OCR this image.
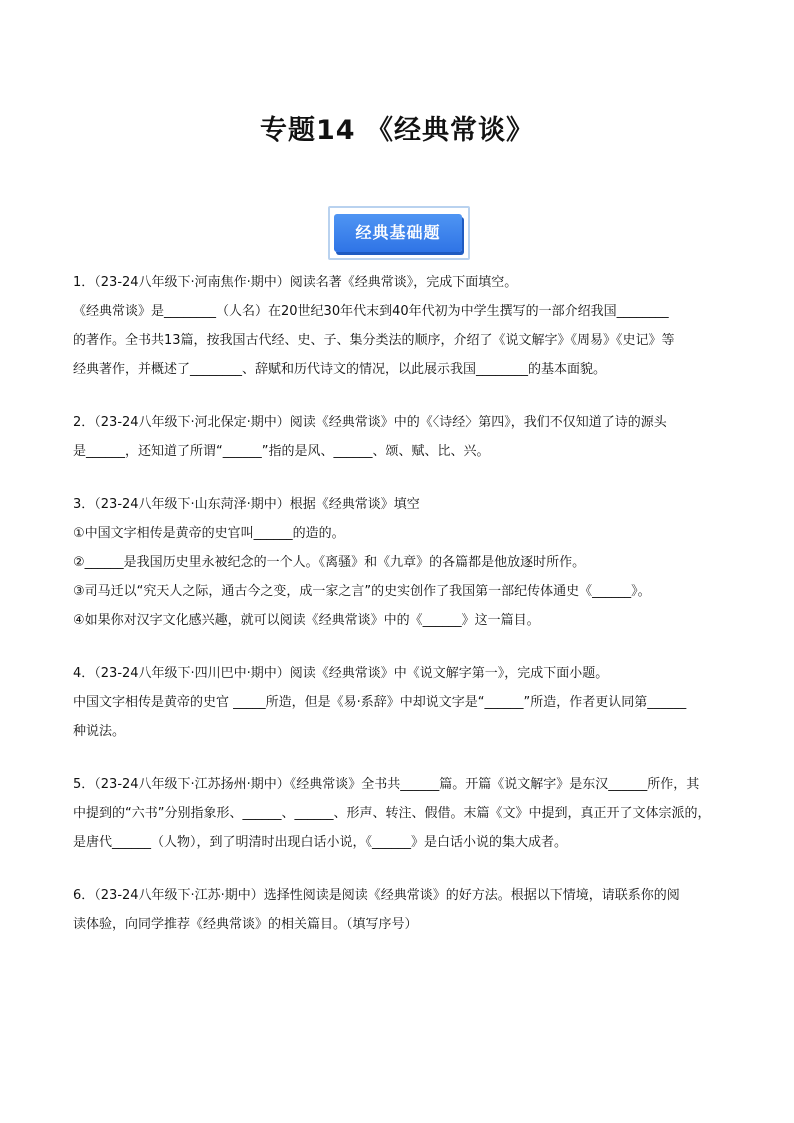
专题14 《经典常谈》
经典基础题

1．（23-24八年级下·河南焦作·期中）阅读名著《经典常谈》，完成下面填空。

《经典常谈》是________（人名）在20世纪30年代末到40年代初为中学生撰写的一部介绍我国________

的著作。全书共13篇，按我国古代经、史、子、集分类法的顺序，介绍了《说文解字》《周易》《史记》等

经典著作，并概述了________、辞赋和历代诗文的情况，以此展示我国________的基本面貌。

2．（23-24八年级下·河北保定·期中）阅读《经典常谈》中的《〈诗经〉第四》，我们不仅知道了诗的源头

是______，还知道了所谓“______”指的是风、______、颂、赋、比、兴。

3．（23-24八年级下·山东菏泽·期中）根据《经典常谈》填空

①中国文字相传是黄帝的史官叫______的造的。

②______是我国历史里永被纪念的一个人。《离骚》和《九章》的各篇都是他放逐时所作。

③司马迁以“究天人之际，通古今之变，成一家之言”的史实创作了我国第一部纪传体通史《______》。

④如果你对汉字文化感兴趣，就可以阅读《经典常谈》中的《______》这一篇目。

4．（23-24八年级下·四川巴中·期中）阅读《经典常谈》中《说文解字第一》，完成下面小题。

中国文字相传是黄帝的史官 _____所造，但是《易·系辞》中却说文字是“______”所造，作者更认同第______

种说法。

5．（23-24八年级下·江苏扬州·期中）《经典常谈》全书共______篇。开篇《说文解字》是东汉______所作，其

中提到的“六书”分别指象形、______、______、形声、转注、假借。末篇《文》中提到，真正开了文体宗派的，

是唐代______（人物），到了明清时出现白话小说，《______》是白话小说的集大成者。

6．（23-24八年级下·江苏·期中）选择性阅读是阅读《经典常谈》的好方法。根据以下情境，请联系你的阅

读体验，向同学推荐《经典常谈》的相关篇目。（填写序号）
